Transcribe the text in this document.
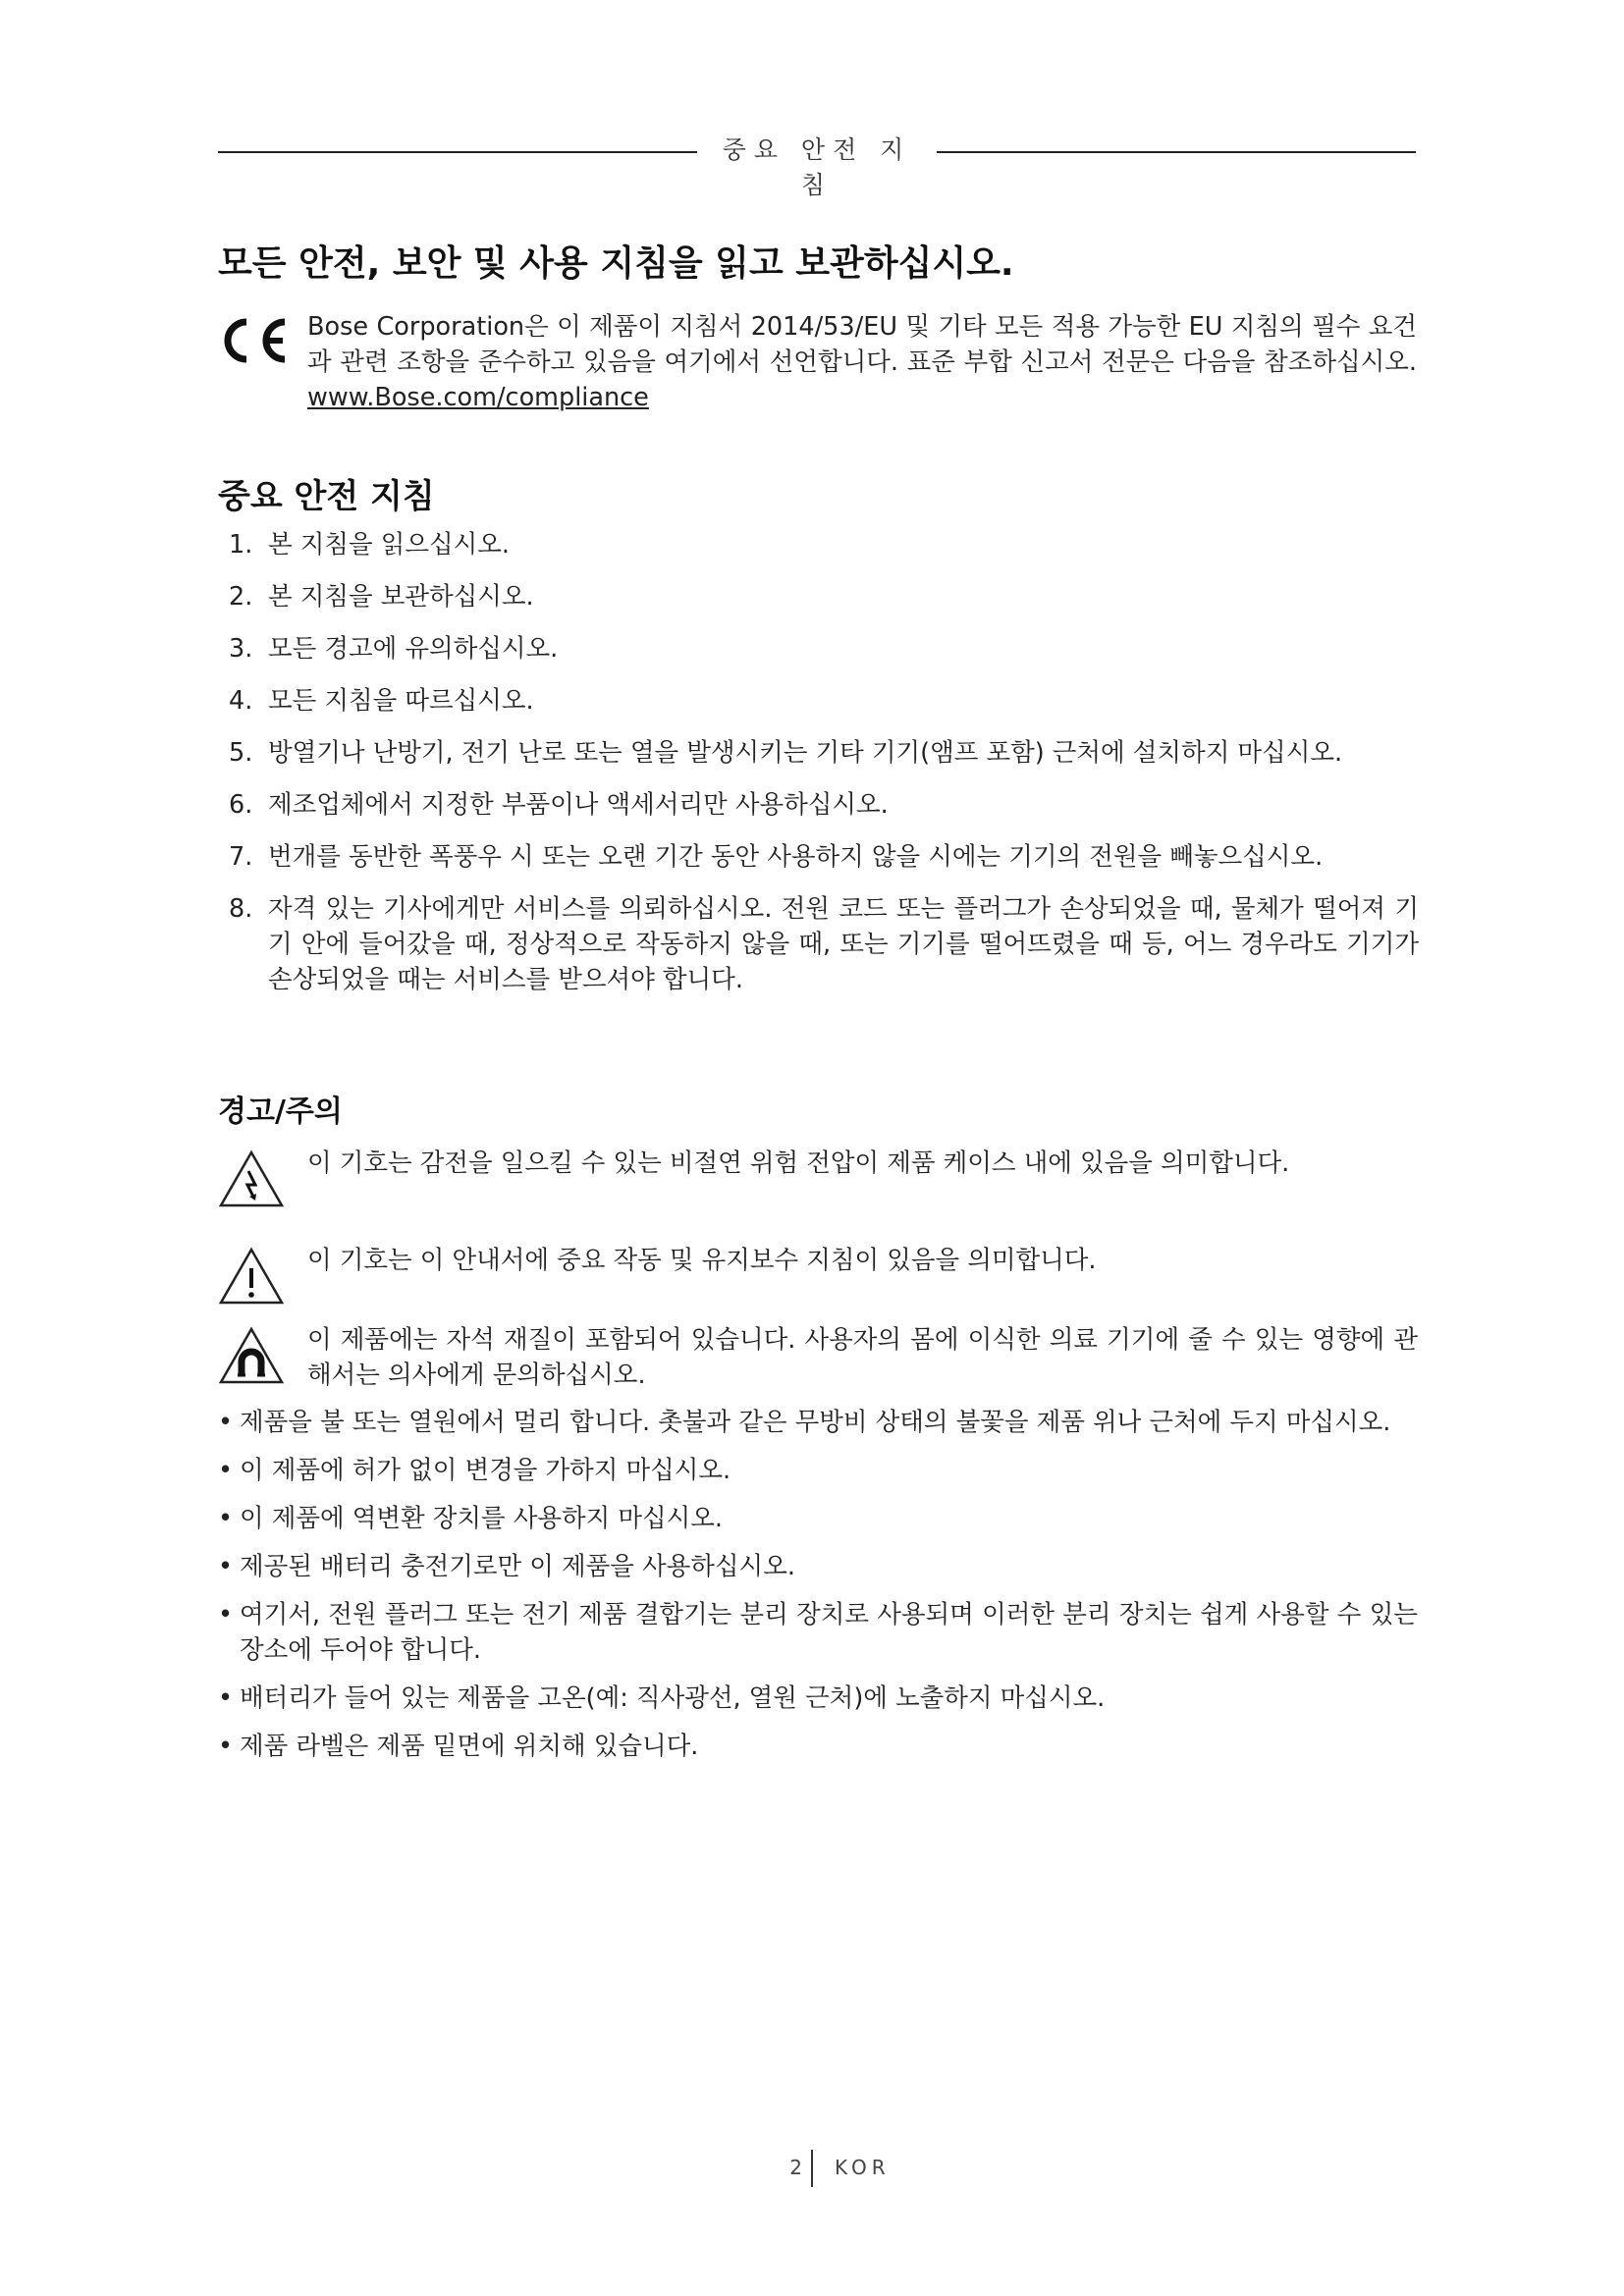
중요 안전 지침
모든 안전, 보안 및 사용 지침을 읽고 보관하십시오.
Bose Corporation은 이 제품이 지침서 2014/53/EU 및 기타 모든 적용 가능한 EU 지침의 필수 요건과 관련 조항을 준수하고 있음을 여기에서 선언합니다. 표준 부합 신고서 전문은 다음을 참조하십시오. www.Bose.com/compliance
중요 안전 지침
1. 본 지침을 읽으십시오.
2. 본 지침을 보관하십시오.
3. 모든 경고에 유의하십시오.
4. 모든 지침을 따르십시오.
5. 방열기나 난방기, 전기 난로 또는 열을 발생시키는 기타 기기(앰프 포함) 근처에 설치하지 마십시오.
6. 제조업체에서 지정한 부품이나 액세서리만 사용하십시오.
7. 번개를 동반한 폭풍우 시 또는 오랜 기간 동안 사용하지 않을 시에는 기기의 전원을 빼놓으십시오.
8. 자격 있는 기사에게만 서비스를 의뢰하십시오. 전원 코드 또는 플러그가 손상되었을 때, 물체가 떨어져 기기 안에 들어갔을 때, 정상적으로 작동하지 않을 때, 또는 기기를 떨어뜨렸을 때 등, 어느 경우라도 기기가 손상되었을 때는 서비스를 받으셔야 합니다.
경고/주의
이 기호는 감전을 일으킬 수 있는 비절연 위험 전압이 제품 케이스 내에 있음을 의미합니다.
이 기호는 이 안내서에 중요 작동 및 유지보수 지침이 있음을 의미합니다.
이 제품에는 자석 재질이 포함되어 있습니다. 사용자의 몸에 이식한 의료 기기에 줄 수 있는 영향에 관해서는 의사에게 문의하십시오.
• 제품을 불 또는 열원에서 멀리 합니다. 촛불과 같은 무방비 상태의 불꽃을 제품 위나 근처에 두지 마십시오.
• 이 제품에 허가 없이 변경을 가하지 마십시오.
• 이 제품에 역변환 장치를 사용하지 마십시오.
• 제공된 배터리 충전기로만 이 제품을 사용하십시오.
• 여기서, 전원 플러그 또는 전기 제품 결합기는 분리 장치로 사용되며 이러한 분리 장치는 쉽게 사용할 수 있는 장소에 두어야 합니다.
• 배터리가 들어 있는 제품을 고온(예: 직사광선, 열원 근처)에 노출하지 마십시오.
• 제품 라벨은 제품 밑면에 위치해 있습니다.
2 KOR
